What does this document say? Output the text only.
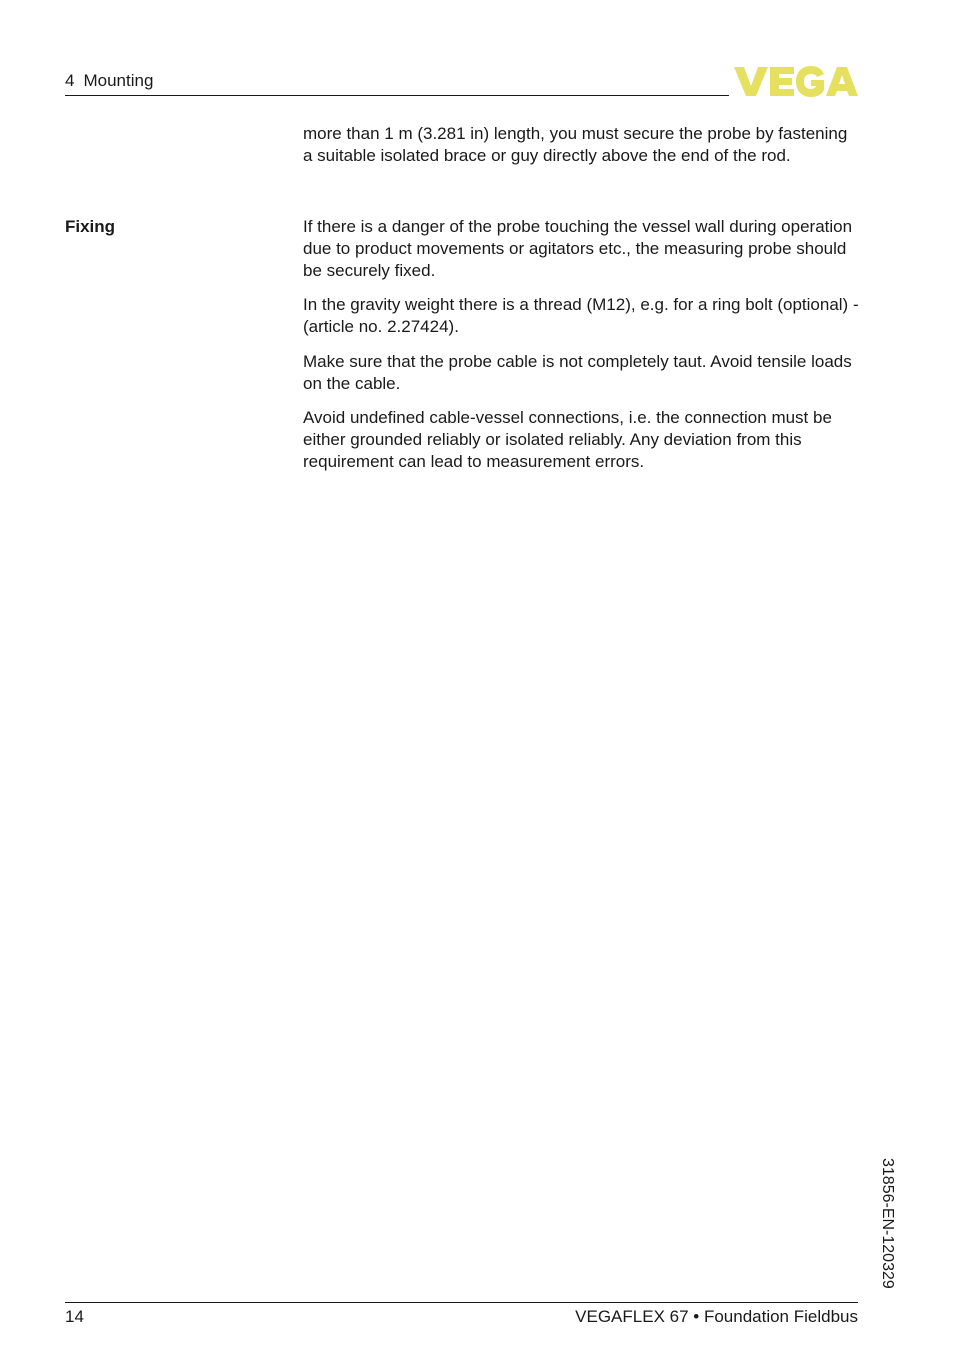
4 Mounting

more than 1 m (3.281 in) length, you must secure the probe by fastening a suitable isolated brace or guy directly above the end of the rod.

Fixing	If there is a danger of the probe touching the vessel wall during operation due to product movements or agitators etc., the measuring probe should be securely fixed.

In the gravity weight there is a thread (M12), e.g. for a ring bolt (optional) - (article no. 2.27424).

Make sure that the probe cable is not completely taut. Avoid tensile loads on the cable.

Avoid undefined cable-vessel connections, i.e. the connection must be either grounded reliably or isolated reliably. Any deviation from this requirement can lead to measurement errors.

31856-EN-120329
14	VEGAFLEX 67 • Foundation Fieldbus
